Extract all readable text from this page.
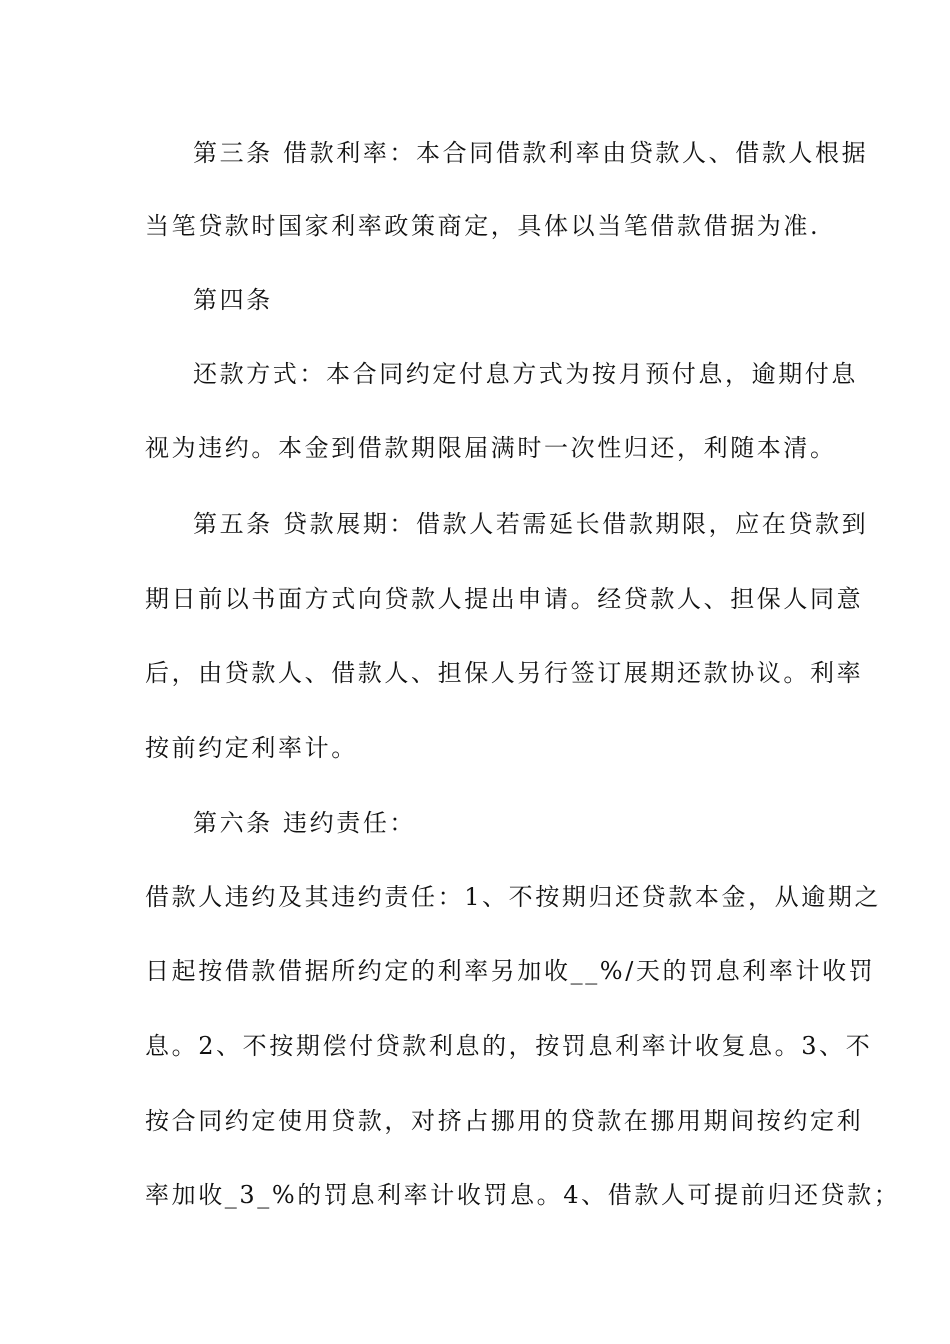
第三条 借款利率：本合同借款利率由贷款人、借款人根据
当笔贷款时国家利率政策商定，具体以当笔借款借据为准.
第四条
还款方式：本合同约定付息方式为按月预付息，逾期付息
视为违约。本金到借款期限届满时一次性归还，利随本清。
第五条 贷款展期：借款人若需延长借款期限，应在贷款到
期日前以书面方式向贷款人提出申请。经贷款人、担保人同意
后，由贷款人、借款人、担保人另行签订展期还款协议。利率
按前约定利率计。
第六条 违约责任：
借款人违约及其违约责任：1、不按期归还贷款本金，从逾期之
日起按借款借据所约定的利率另加收__%/天的罚息利率计收罚
息。2、不按期偿付贷款利息的，按罚息利率计收复息。3、不
按合同约定使用贷款，对挤占挪用的贷款在挪用期间按约定利
率加收_3_%的罚息利率计收罚息。4、借款人可提前归还贷款；
